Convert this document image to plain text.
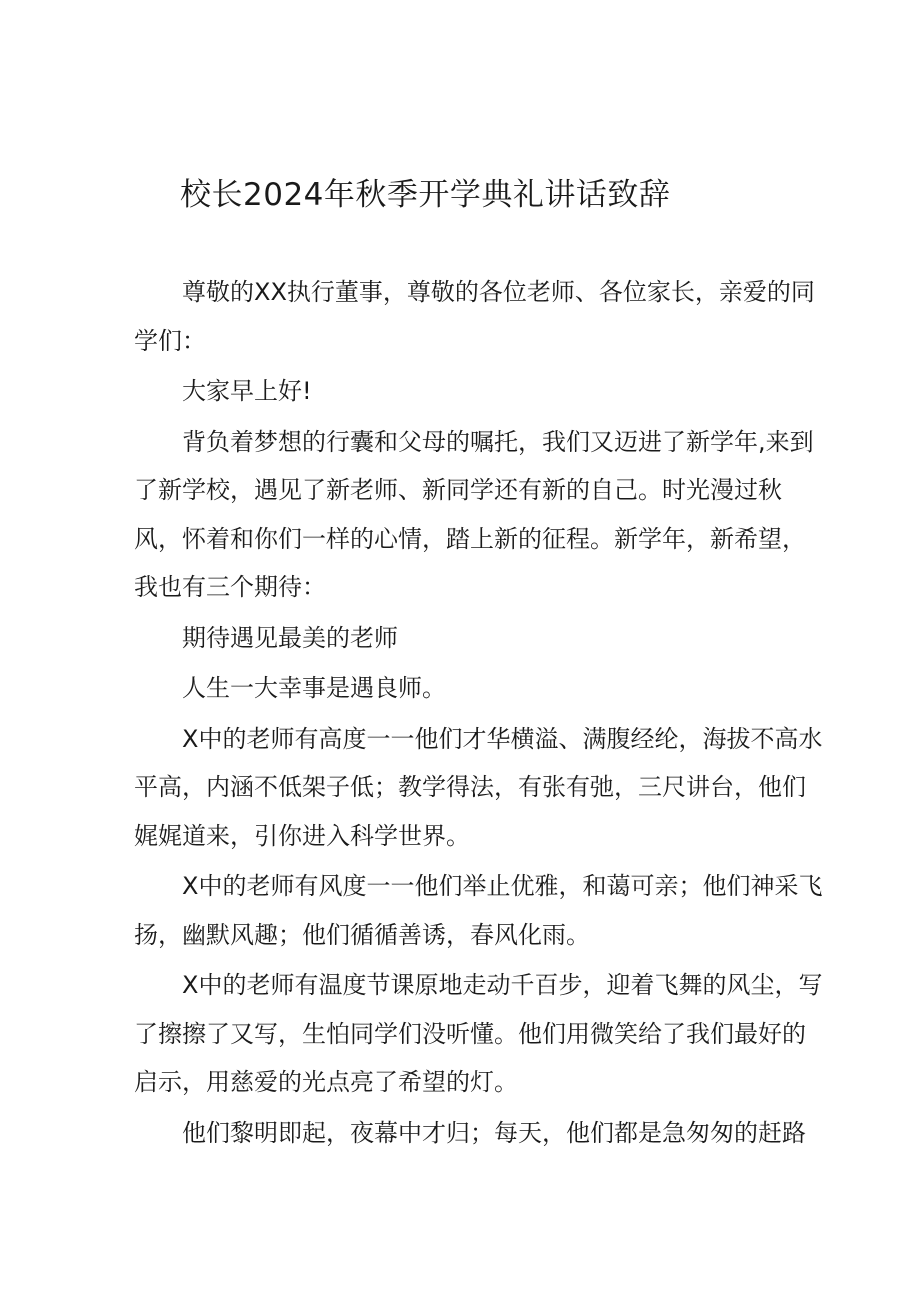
校长2024年秋季开学典礼讲话致辞

尊敬的XX执行董事，尊敬的各位老师、各位家长，亲爱的同
学们：

大家早上好!

背负着梦想的行囊和父母的嘱托，我们又迈进了新学年,来到
了新学校，遇见了新老师、新同学还有新的自己。时光漫过秋
风，怀着和你们一样的心情，踏上新的征程。新学年，新希望，
我也有三个期待：

期待遇见最美的老师

人生一大幸事是遇良师。

X中的老师有高度一一他们才华横溢、满腹经纶，海拔不高水
平高，内涵不低架子低；教学得法，有张有弛，三尺讲台，他们
娓娓道来，引你进入科学世界。

X中的老师有风度一一他们举止优雅，和蔼可亲；他们神采飞
扬，幽默风趣；他们循循善诱，春风化雨。

X中的老师有温度节课原地走动千百步，迎着飞舞的风尘，写
了擦擦了又写，生怕同学们没听懂。他们用微笑给了我们最好的
启示，用慈爱的光点亮了希望的灯。

他们黎明即起，夜幕中才归；每天，他们都是急匆匆的赶路
